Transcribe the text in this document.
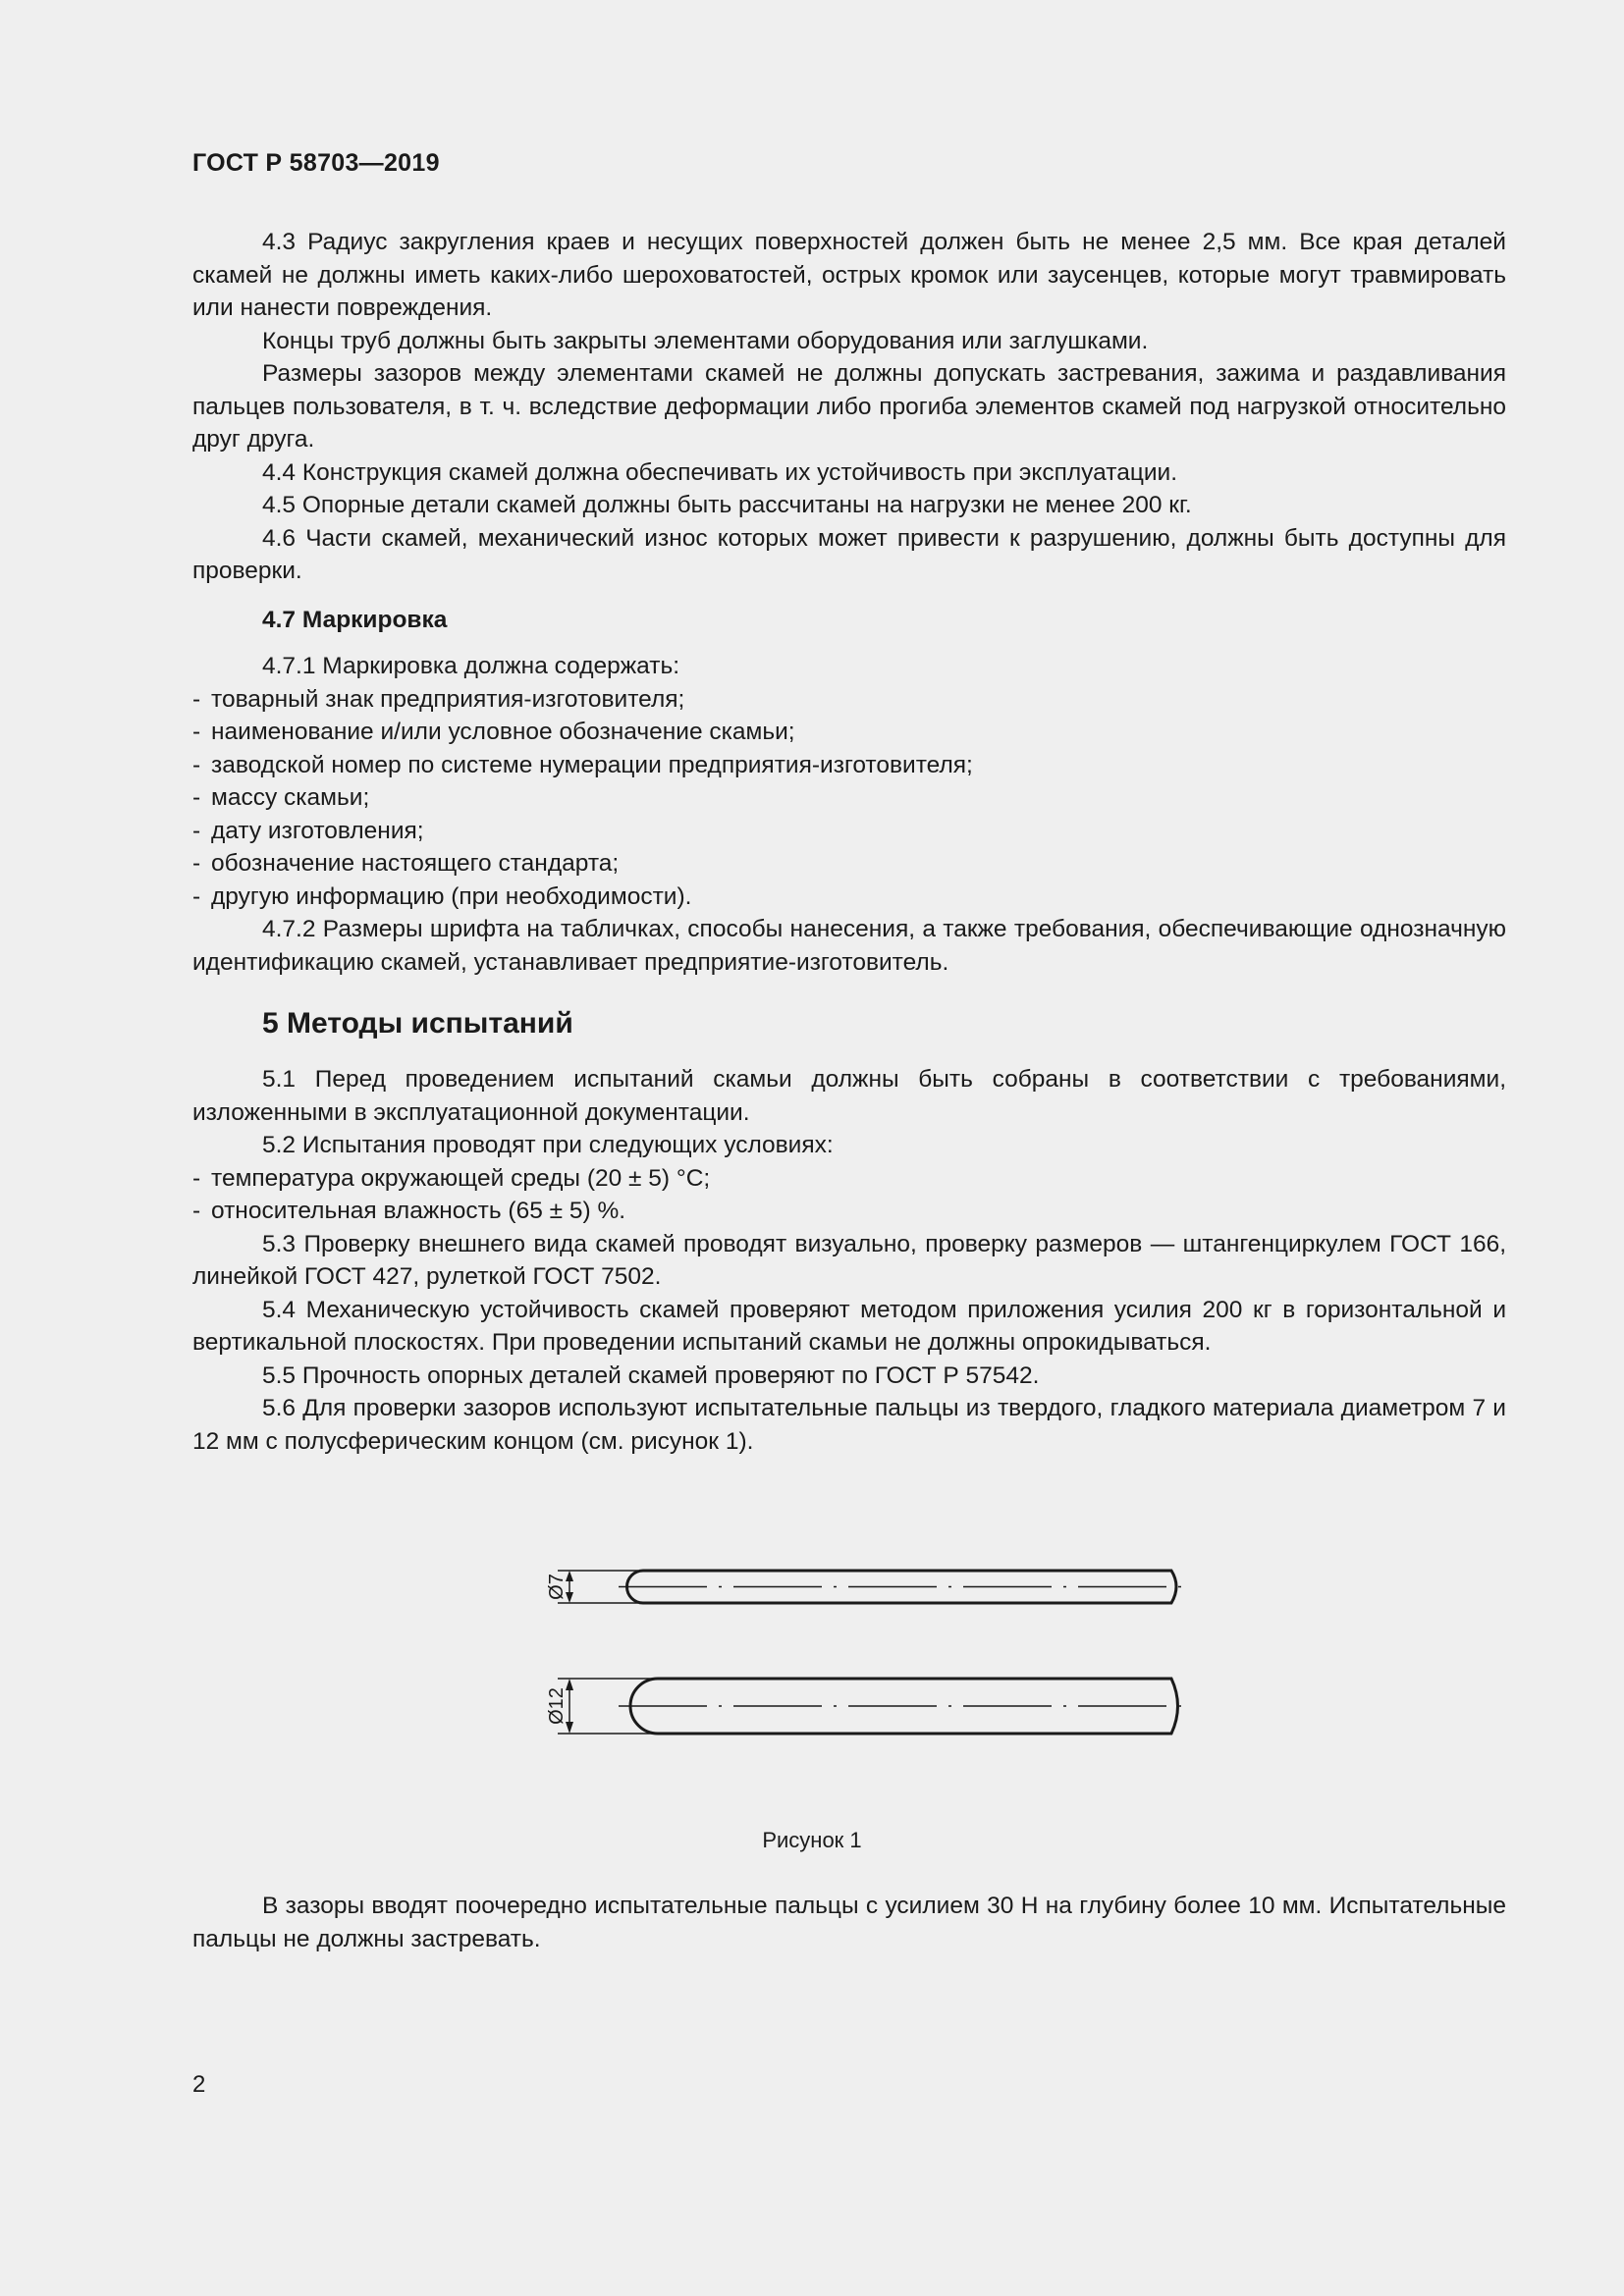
ГОСТ Р 58703—2019

4.3 Радиус закругления краев и несущих поверхностей должен быть не менее 2,5 мм. Все края деталей скамей не должны иметь каких-либо шероховатостей, острых кромок или заусенцев, которые могут травмировать или нанести повреждения.

Концы труб должны быть закрыты элементами оборудования или заглушками.

Размеры зазоров между элементами скамей не должны допускать застревания, зажима и раздавливания пальцев пользователя, в т. ч. вследствие деформации либо прогиба элементов скамей под нагрузкой относительно друг друга.

4.4 Конструкция скамей должна обеспечивать их устойчивость при эксплуатации.

4.5 Опорные детали скамей должны быть рассчитаны на нагрузки не менее 200 кг.

4.6 Части скамей, механический износ которых может привести к разрушению, должны быть доступны для проверки.

4.7 Маркировка

4.7.1 Маркировка должна содержать:

- товарный знак предприятия-изготовителя;
- наименование и/или условное обозначение скамьи;
- заводской номер по системе нумерации предприятия-изготовителя;
- массу скамьи;
- дату изготовления;
- обозначение настоящего стандарта;
- другую информацию (при необходимости).

4.7.2 Размеры шрифта на табличках, способы нанесения, а также требования, обеспечивающие однозначную идентификацию скамей, устанавливает предприятие-изготовитель.

5 Методы испытаний

5.1 Перед проведением испытаний скамьи должны быть собраны в соответствии с требованиями, изложенными в эксплуатационной документации.

5.2 Испытания проводят при следующих условиях:

- температура окружающей среды (20 ± 5) °С;
- относительная влажность (65 ± 5) %.

5.3 Проверку внешнего вида скамей проводят визуально, проверку размеров — штангенциркулем ГОСТ 166, линейкой ГОСТ 427, рулеткой ГОСТ 7502.

5.4 Механическую устойчивость скамей проверяют методом приложения усилия 200 кг в горизонтальной и вертикальной плоскостях. При проведении испытаний скамьи не должны опрокидываться.

5.5 Прочность опорных деталей скамей проверяют по ГОСТ Р 57542.

5.6 Для проверки зазоров используют испытательные пальцы из твердого, гладкого материала диаметром 7 и 12 мм с полусферическим концом (см. рисунок 1).

Ø7
Ø12
Рисунок 1

В зазоры вводят поочередно испытательные пальцы с усилием 30 Н на глубину более 10 мм. Испытательные пальцы не должны застревать.

2
